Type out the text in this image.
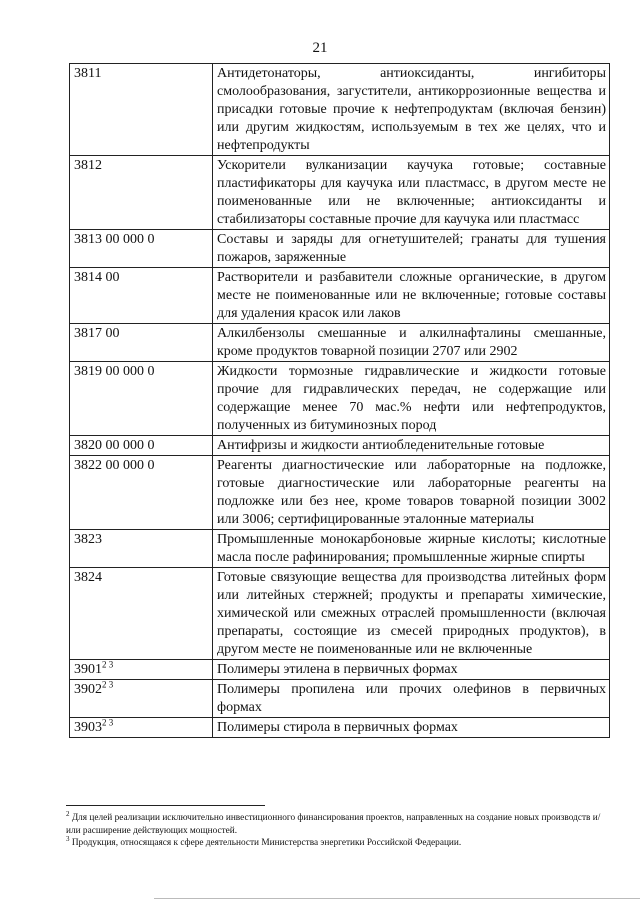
21
3811	Антидетонаторы, антиоксиданты, ингибиторы смолообразования, загустители, антикоррозионные вещества и присадки готовые прочие к нефтепродуктам (включая бензин) или другим жидкостям, используемым в тех же целях, что и нефтепродукты
3812	Ускорители вулканизации каучука готовые; составные пластификаторы для каучука или пластмасс, в другом месте не поименованные или не включенные; антиоксиданты и стабилизаторы составные прочие для каучука или пластмасс
3813 00 000 0	Составы и заряды для огнетушителей; гранаты для тушения пожаров, заряженные
3814 00	Растворители и разбавители сложные органические, в другом месте не поименованные или не включенные; готовые составы для удаления красок или лаков
3817 00	Алкилбензолы смешанные и алкилнафталины смешанные, кроме продуктов товарной позиции 2707 или 2902
3819 00 000 0	Жидкости тормозные гидравлические и жидкости готовые прочие для гидравлических передач, не содержащие или содержащие менее 70 мас.% нефти или нефтепродуктов, полученных из битуминозных пород
3820 00 000 0	Антифризы и жидкости антиобледенительные готовые
3822 00 000 0	Реагенты диагностические или лабораторные на подложке, готовые диагностические или лабораторные реагенты на подложке или без нее, кроме товаров товарной позиции 3002 или 3006; сертифицированные эталонные материалы
3823	Промышленные монокарбоновые жирные кислоты; кислотные масла после рафинирования; промышленные жирные спирты
3824	Готовые связующие вещества для производства литейных форм или литейных стержней; продукты и препараты химические, химической или смежных отраслей промышленности (включая препараты, состоящие из смесей природных продуктов), в другом месте не поименованные или не включенные
3901$^{2 3}$	Полимеры этилена в первичных формах
3902$^{2 3}$	Полимеры пропилена или прочих олефинов в первичных формах
3903$^{2 3}$	Полимеры стирола в первичных формах

$^2$ Для целей реализации исключительно инвестиционного финансирования проектов, направленных на создание новых производств и/или расширение действующих мощностей.

$^3$ Продукция, относящаяся к сфере деятельности Министерства энергетики Российской Федерации.
